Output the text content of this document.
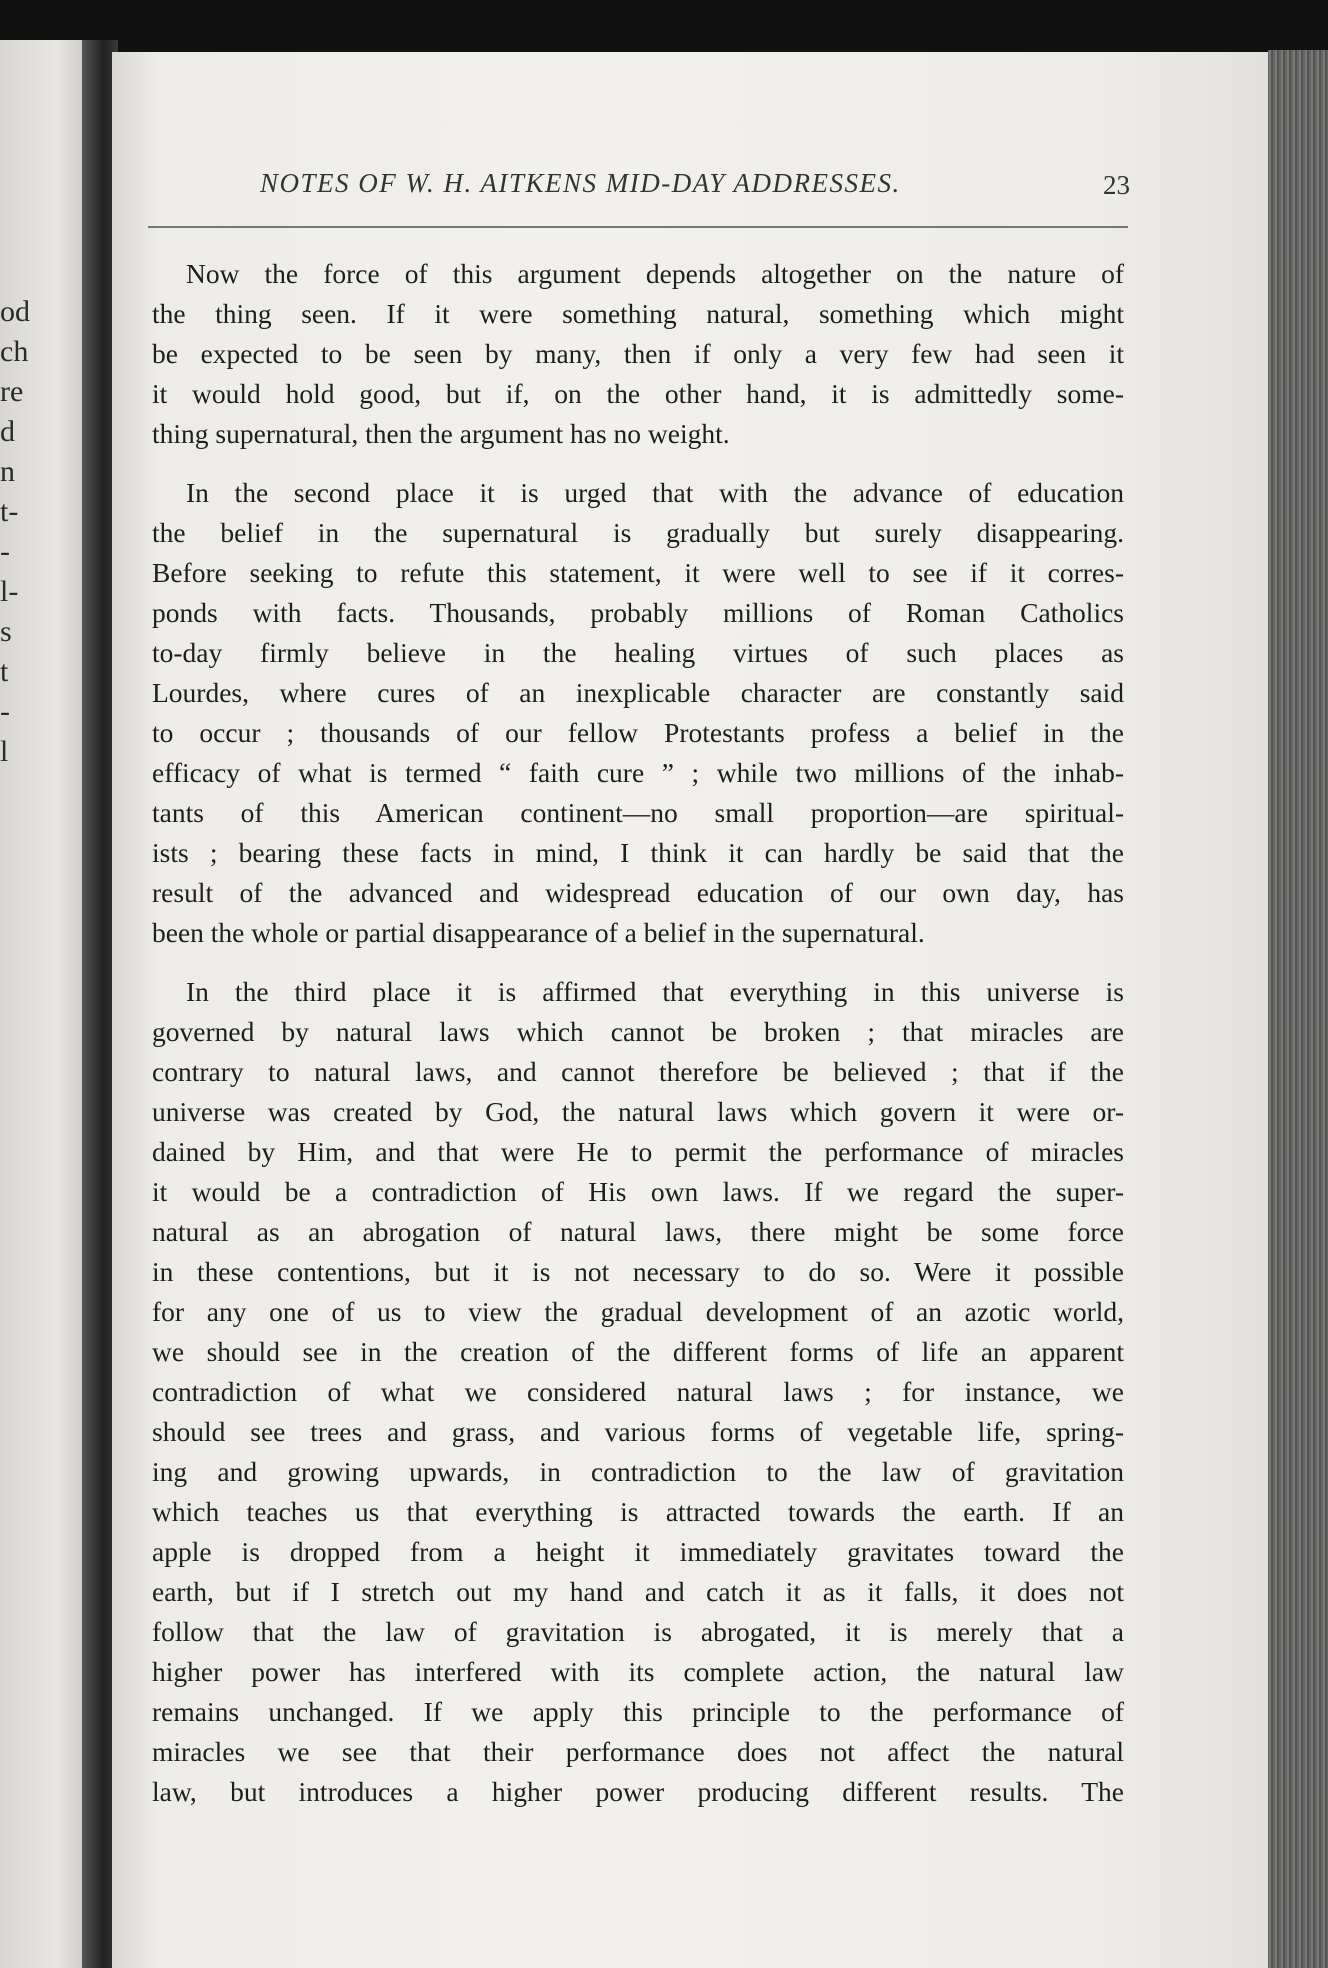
od
ch
re
d
n
t-
-
l-
s
t
-
l
NOTES OF W. H. AITKENS MID-DAY ADDRESSES.	23
Now the force of this argument depends altogether on the nature of
the thing seen. If it were something natural, something which might
be expected to be seen by many, then if only a very few had seen it
it would hold good, but if, on the other hand, it is admittedly some-
thing supernatural, then the argument has no weight.
In the second place it is urged that with the advance of education
the belief in the supernatural is gradually but surely disappearing.
Before seeking to refute this statement, it were well to see if it corres-
ponds with facts. Thousands, probably millions of Roman Catholics
to-day firmly believe in the healing virtues of such places as
Lourdes, where cures of an inexplicable character are constantly said
to occur ; thousands of our fellow Protestants profess a belief in the
efficacy of what is termed “ faith cure ” ; while two millions of the inhab-
tants of this American continent—no small proportion—are spiritual-
ists ; bearing these facts in mind, I think it can hardly be said that the
result of the advanced and widespread education of our own day, has
been the whole or partial disappearance of a belief in the supernatural.
In the third place it is affirmed that everything in this universe is
governed by natural laws which cannot be broken ; that miracles are
contrary to natural laws, and cannot therefore be believed ; that if the
universe was created by God, the natural laws which govern it were or-
dained by Him, and that were He to permit the performance of miracles
it would be a contradiction of His own laws. If we regard the super-
natural as an abrogation of natural laws, there might be some force
in these contentions, but it is not necessary to do so. Were it possible
for any one of us to view the gradual development of an azotic world,
we should see in the creation of the different forms of life an apparent
contradiction of what we considered natural laws ; for instance, we
should see trees and grass, and various forms of vegetable life, spring-
ing and growing upwards, in contradiction to the law of gravitation
which teaches us that everything is attracted towards the earth. If an
apple is dropped from a height it immediately gravitates toward the
earth, but if I stretch out my hand and catch it as it falls, it does not
follow that the law of gravitation is abrogated, it is merely that a
higher power has interfered with its complete action, the natural law
remains unchanged. If we apply this principle to the performance of
miracles we see that their performance does not affect the natural
law, but introduces a higher power producing different results. The
